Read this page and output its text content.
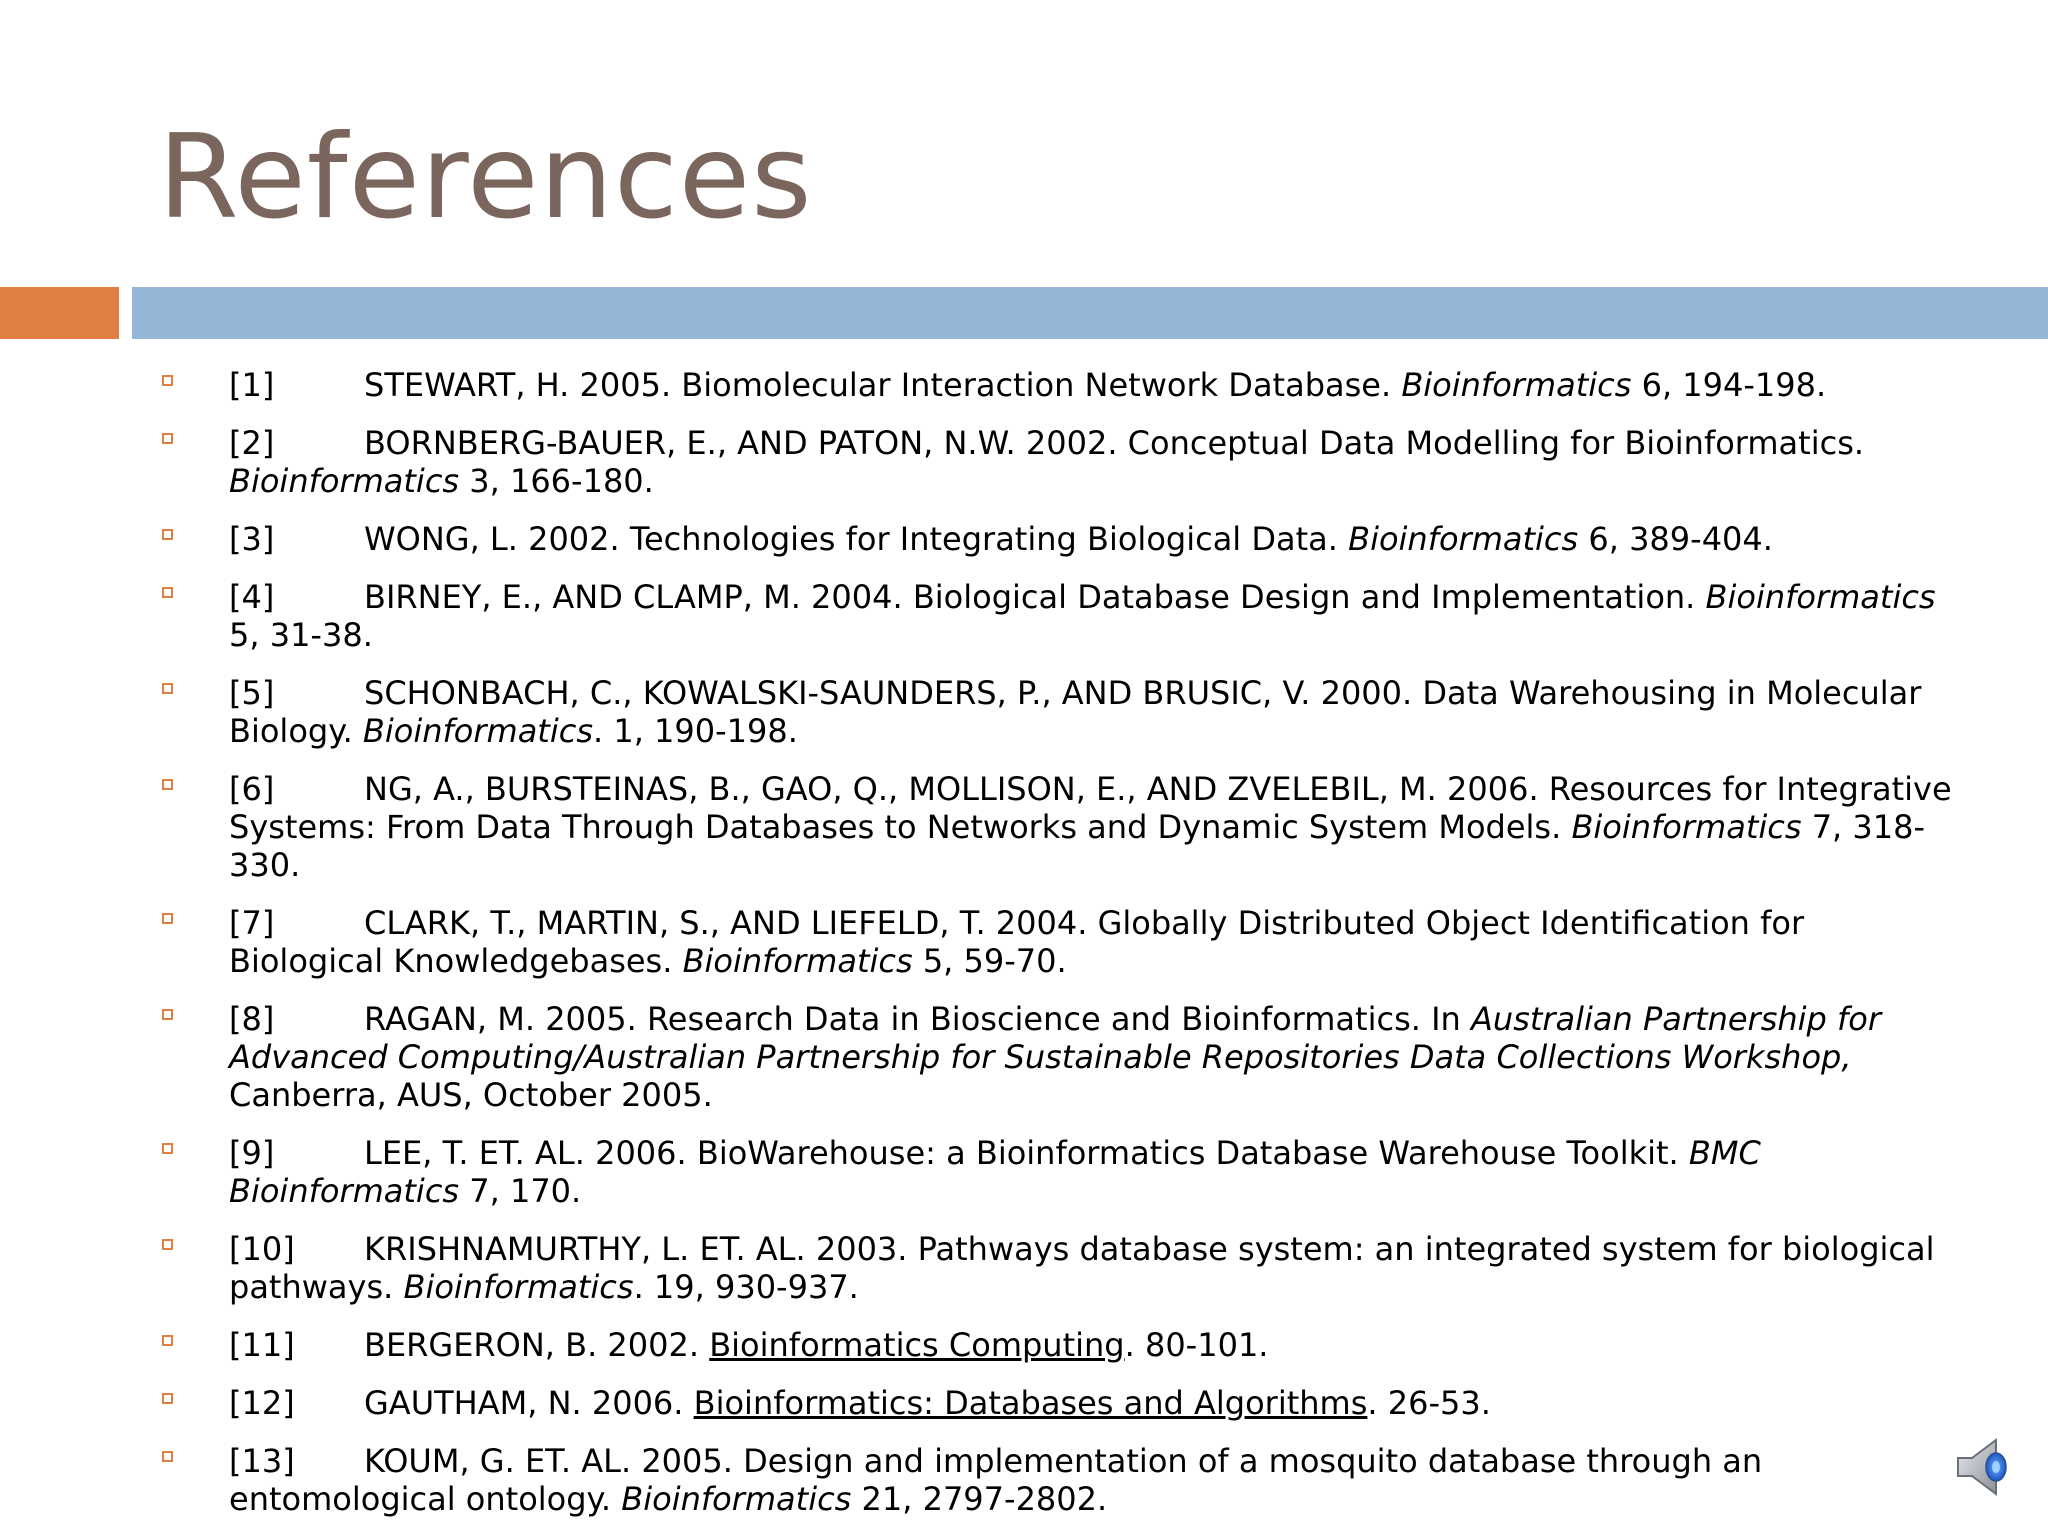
References
[1]	STEWART, H. 2005. Biomolecular Interaction Network Database. Bioinformatics 6, 194-198.
[2]	BORNBERG-BAUER, E., AND PATON, N.W. 2002. Conceptual Data Modelling for Bioinformatics. Bioinformatics 3, 166-180.
[3]	WONG, L. 2002. Technologies for Integrating Biological Data. Bioinformatics 6, 389-404.
[4]	BIRNEY, E., AND CLAMP, M. 2004. Biological Database Design and Implementation. Bioinformatics 5, 31-38.
[5]	SCHONBACH, C., KOWALSKI-SAUNDERS, P., AND BRUSIC, V. 2000. Data Warehousing in Molecular Biology. Bioinformatics. 1, 190-198.
[6]	NG, A., BURSTEINAS, B., GAO, Q., MOLLISON, E., AND ZVELEBIL, M. 2006. Resources for Integrative Systems: From Data Through Databases to Networks and Dynamic System Models. Bioinformatics 7, 318-330.
[7]	CLARK, T., MARTIN, S., AND LIEFELD, T. 2004. Globally Distributed Object Identification for Biological Knowledgebases. Bioinformatics 5, 59-70.
[8]	RAGAN, M. 2005. Research Data in Bioscience and Bioinformatics. In Australian Partnership for Advanced Computing/Australian Partnership for Sustainable Repositories Data Collections Workshop, Canberra, AUS, October 2005.
[9]	LEE, T. ET. AL. 2006. BioWarehouse: a Bioinformatics Database Warehouse Toolkit. BMC Bioinformatics 7, 170.
[10] KRISHNAMURTHY, L. ET. AL. 2003. Pathways database system: an integrated system for biological pathways. Bioinformatics. 19, 930-937.
[11] BERGERON, B. 2002. Bioinformatics Computing. 80-101.
[12] GAUTHAM, N. 2006. Bioinformatics: Databases and Algorithms. 26-53.
[13] KOUM, G. ET. AL. 2005. Design and implementation of a mosquito database through an entomological ontology. Bioinformatics 21, 2797-2802.
